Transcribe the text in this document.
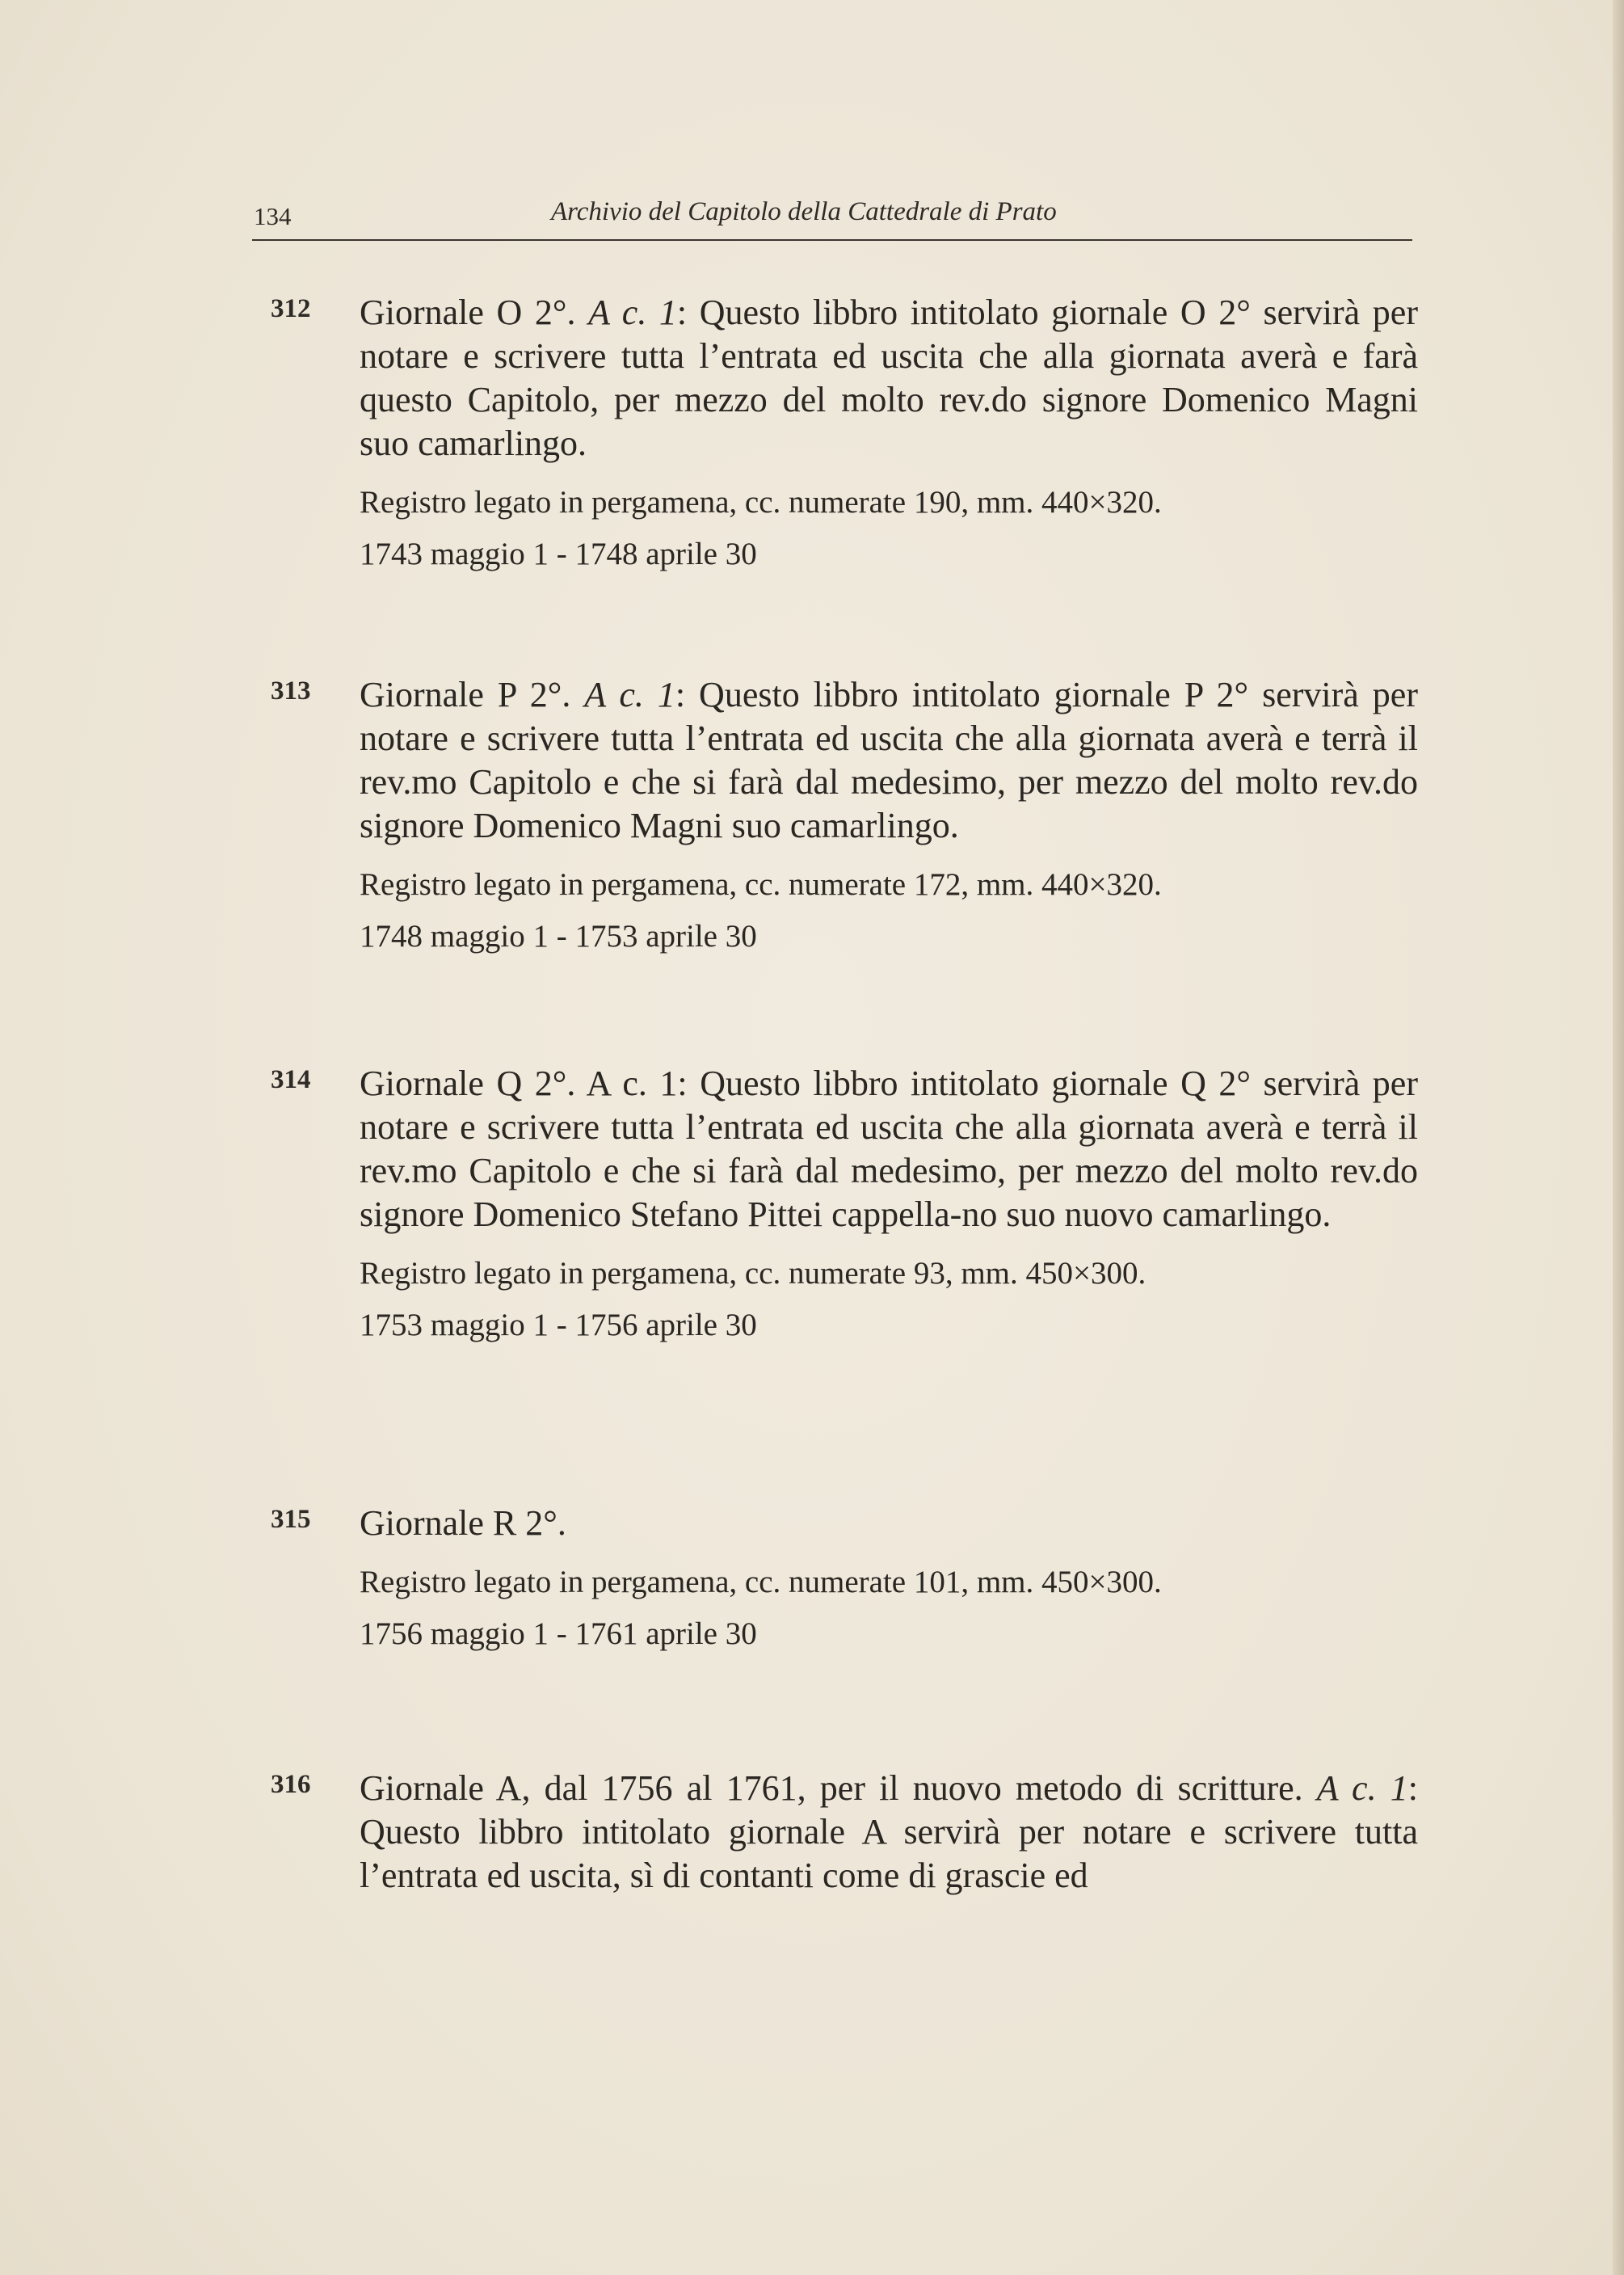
134	Archivio del Capitolo della Cattedrale di Prato
312 Giornale O 2°. A c. 1: Questo libbro intitolato giornale O 2° servirà per notare e scrivere tutta l’entrata ed uscita che alla giornata averà e farà questo Capitolo, per mezzo del molto rev.do signore Domenico Magni suo camarlingo.
Registro legato in pergamena, cc. numerate 190, mm. 440×320.
1743 maggio 1 - 1748 aprile 30
313 Giornale P 2°. A c. 1: Questo libbro intitolato giornale P 2° servirà per notare e scrivere tutta l’entrata ed uscita che alla giornata averà e terrà il rev.mo Capitolo e che si farà dal medesimo, per mezzo del molto rev.do signore Domenico Magni suo camarlingo.
Registro legato in pergamena, cc. numerate 172, mm. 440×320.
1748 maggio 1 - 1753 aprile 30
314 Giornale Q 2°. A c. 1: Questo libbro intitolato giornale Q 2° servirà per notare e scrivere tutta l’entrata ed uscita che alla giornata averà e terrà il rev.mo Capitolo e che si farà dal medesimo, per mezzo del molto rev.do signore Domenico Stefano Pittei cappella-no suo nuovo camarlingo.
Registro legato in pergamena, cc. numerate 93, mm. 450×300.
1753 maggio 1 - 1756 aprile 30
315 Giornale R 2°.
Registro legato in pergamena, cc. numerate 101, mm. 450×300.
1756 maggio 1 - 1761 aprile 30
316 Giornale A, dal 1756 al 1761, per il nuovo metodo di scritture. A c. 1: Questo libbro intitolato giornale A servirà per notare e scrivere tutta l’entrata ed uscita, sì di contanti come di grascie ed
